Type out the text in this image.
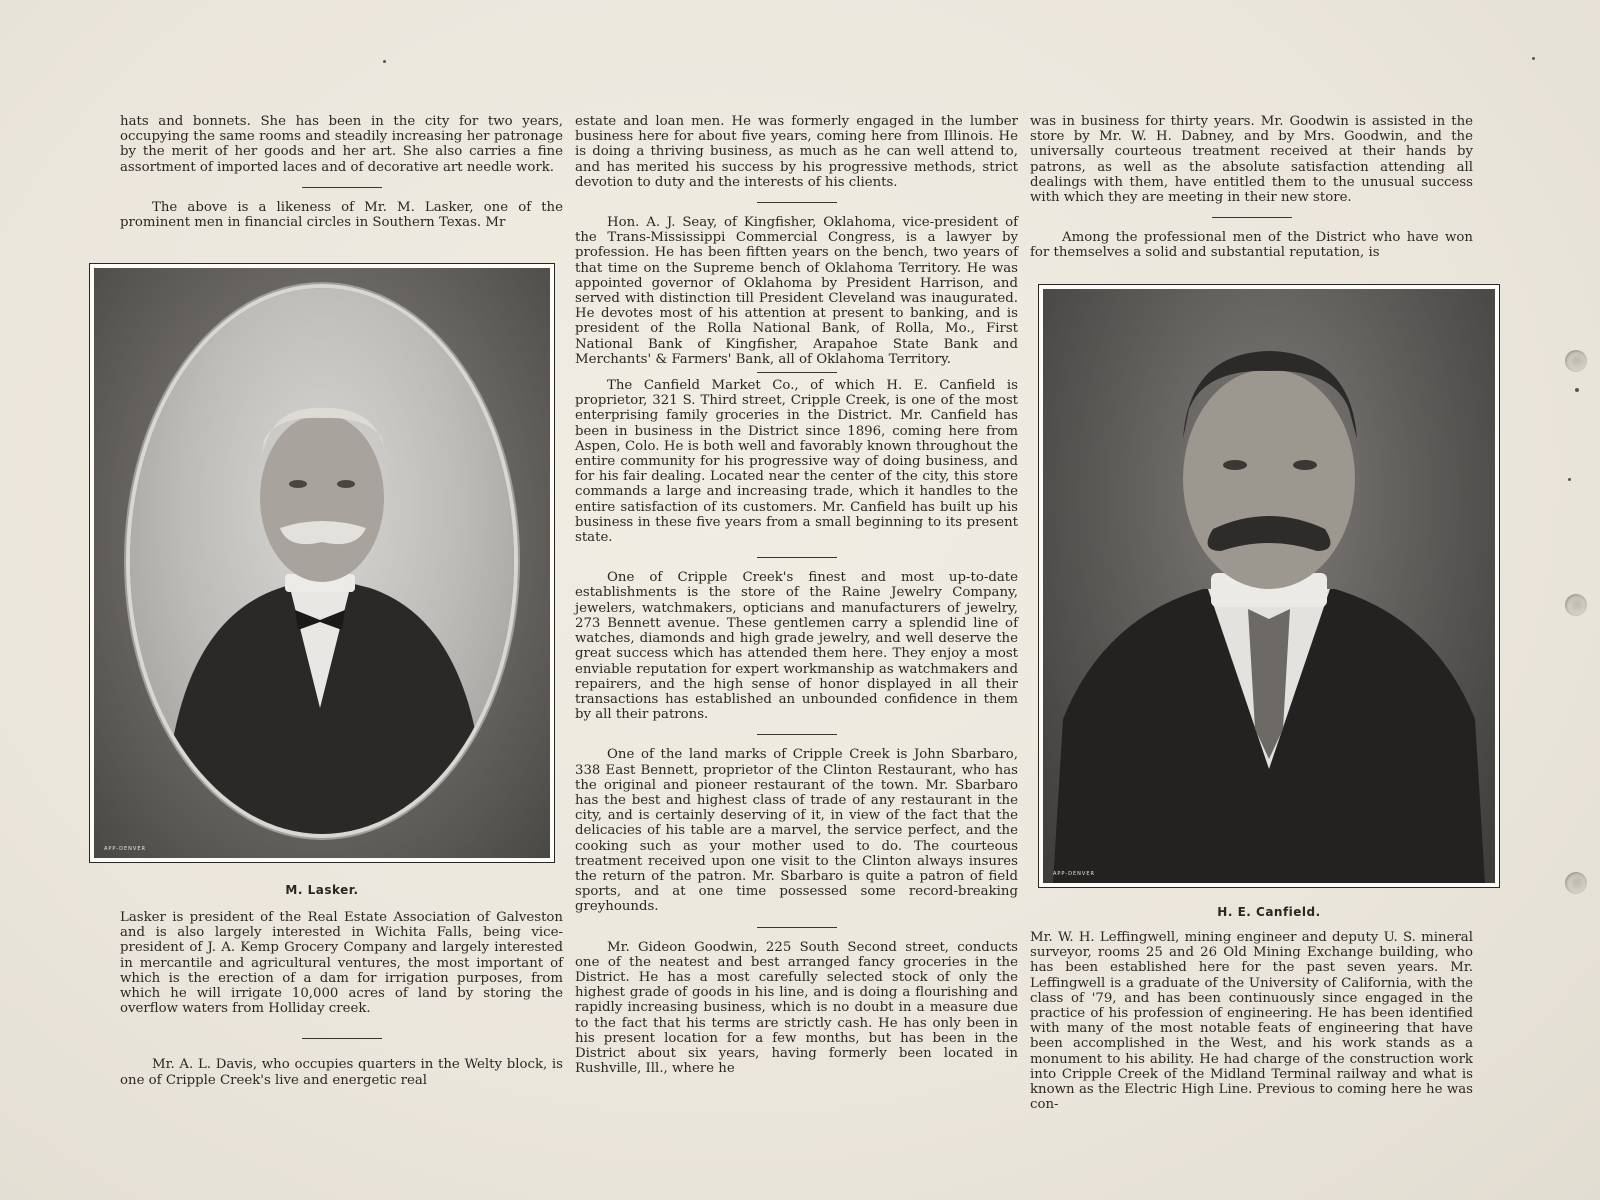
hats and bonnets. She has been in the city for two years, occupying the same rooms and steadily increasing her patronage by the merit of her goods and her art. She also carries a fine assortment of imported laces and of decorative art needle work.

The above is a likeness of Mr. M. Lasker, one of the prominent men in financial circles in Southern Texas. Mr

APP-DENVER
M. Lasker.

Lasker is president of the Real Estate Association of Galveston and is also largely interested in Wichita Falls, being vice-president of J. A. Kemp Grocery Company and largely interested in mercantile and agricultural ventures, the most important of which is the erection of a dam for irrigation purposes, from which he will irrigate 10,000 acres of land by storing the overflow waters from Holliday creek.

Mr. A. L. Davis, who occupies quarters in the Welty block, is one of Cripple Creek's live and energetic real

estate and loan men. He was formerly engaged in the lumber business here for about five years, coming here from Illinois. He is doing a thriving business, as much as he can well attend to, and has merited his success by his progressive methods, strict devotion to duty and the interests of his clients.

Hon. A. J. Seay, of Kingfisher, Oklahoma, vice-president of the Trans-Mississippi Commercial Congress, is a lawyer by profession. He has been fiftten years on the bench, two years of that time on the Supreme bench of Oklahoma Territory. He was appointed governor of Oklahoma by President Harrison, and served with distinction till President Cleveland was inaugurated. He devotes most of his attention at present to banking, and is president of the Rolla National Bank, of Rolla, Mo., First National Bank of Kingfisher, Arapahoe State Bank and Merchants' & Farmers' Bank, all of Oklahoma Territory.

The Canfield Market Co., of which H. E. Canfield is proprietor, 321 S. Third street, Cripple Creek, is one of the most enterprising family groceries in the District. Mr. Canfield has been in business in the District since 1896, coming here from Aspen, Colo. He is both well and favorably known throughout the entire community for his progressive way of doing business, and for his fair dealing. Located near the center of the city, this store commands a large and increasing trade, which it handles to the entire satisfaction of its customers. Mr. Canfield has built up his business in these five years from a small beginning to its present state.

One of Cripple Creek's finest and most up-to-date establishments is the store of the Raine Jewelry Company, jewelers, watchmakers, opticians and manufacturers of jewelry, 273 Bennett avenue. These gentlemen carry a splendid line of watches, diamonds and high grade jewelry, and well deserve the great success which has attended them here. They enjoy a most enviable reputation for expert workmanship as watchmakers and repairers, and the high sense of honor displayed in all their transactions has established an unbounded confidence in them by all their patrons.

One of the land marks of Cripple Creek is John Sbarbaro, 338 East Bennett, proprietor of the Clinton Restaurant, who has the original and pioneer restaurant of the town. Mr. Sbarbaro has the best and highest class of trade of any restaurant in the city, and is certainly deserving of it, in view of the fact that the delicacies of his table are a marvel, the service perfect, and the cooking such as your mother used to do. The courteous treatment received upon one visit to the Clinton always insures the return of the patron. Mr. Sbarbaro is quite a patron of field sports, and at one time possessed some record-breaking greyhounds.

Mr. Gideon Goodwin, 225 South Second street, conducts one of the neatest and best arranged fancy groceries in the District. He has a most carefully selected stock of only the highest grade of goods in his line, and is doing a flourishing and rapidly increasing business, which is no doubt in a measure due to the fact that his terms are strictly cash. He has only been in his present location for a few months, but has been in the District about six years, having formerly been located in Rushville, Ill., where he

was in business for thirty years. Mr. Goodwin is assisted in the store by Mr. W. H. Dabney, and by Mrs. Goodwin, and the universally courteous treatment received at their hands by patrons, as well as the absolute satisfaction attending all dealings with them, have entitled them to the unusual success with which they are meeting in their new store.

Among the professional men of the District who have won for themselves a solid and substantial reputation, is

APP-DENVER
H. E. Canfield.

Mr. W. H. Leffingwell, mining engineer and deputy U. S. mineral surveyor, rooms 25 and 26 Old Mining Exchange building, who has been established here for the past seven years. Mr. Leffingwell is a graduate of the University of California, with the class of '79, and has been continuously since engaged in the practice of his profession of engineering. He has been identified with many of the most notable feats of engineering that have been accomplished in the West, and his work stands as a monument to his ability. He had charge of the construction work into Cripple Creek of the Midland Terminal railway and what is known as the Electric High Line. Previous to coming here he was con-
